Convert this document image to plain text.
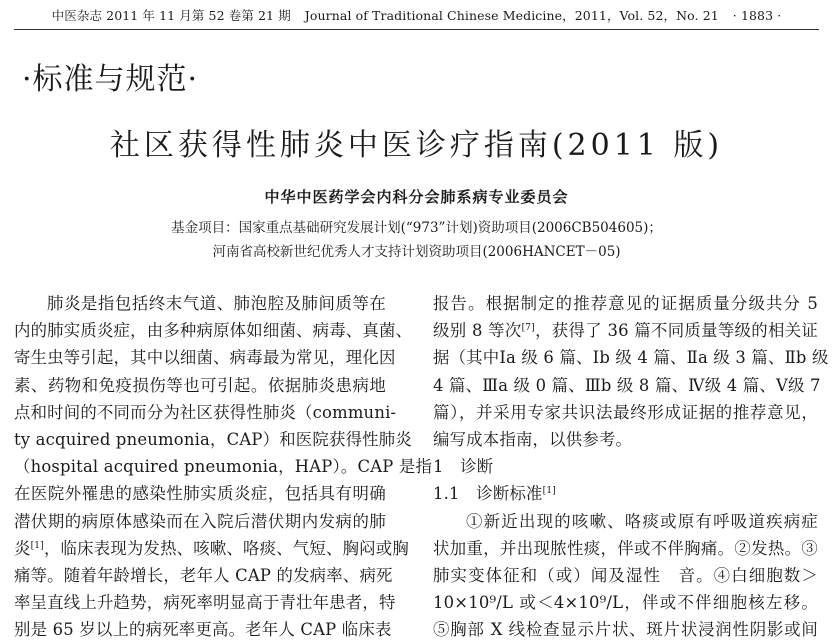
中医杂志 2011 年 11 月第 52 卷第 21 期 Journal of Traditional Chinese Medicine，2011，Vol. 52，No. 21 · 1883 ·
·标准与规范·
社区获得性肺炎中医诊疗指南(2011 版)
中华中医药学会内科分会肺系病专业委员会
基金项目：国家重点基础研究发展计划(“973”计划)资助项目(2006CB504605)；
河南省高校新世纪优秀人才支持计划资助项目(2006HANCET－05)
肺炎是指包括终末气道、肺泡腔及肺间质等在
内的肺实质炎症，由多种病原体如细菌、病毒、真菌、
寄生虫等引起，其中以细菌、病毒最为常见，理化因
素、药物和免疫损伤等也可引起。依据肺炎患病地
点和时间的不同而分为社区获得性肺炎（communi-
ty acquired pneumonia，CAP）和医院获得性肺炎
（hospital acquired pneumonia，HAP）。CAP 是指
在医院外罹患的感染性肺实质炎症，包括具有明确
潜伏期的病原体感染而在入院后潜伏期内发病的肺
炎[1]，临床表现为发热、咳嗽、咯痰、气短、胸闷或胸
痛等。随着年龄增长，老年人 CAP 的发病率、病死
率呈直线上升趋势，病死率明显高于青壮年患者，特
别是 65 岁以上的病死率更高。老年人 CAP 临床表
报告。根据制定的推荐意见的证据质量分级共分 5
级别 8 等次[7]，获得了 36 篇不同质量等级的相关证
据（其中Ⅰa 级 6 篇、Ⅰb 级 4 篇、Ⅱa 级 3 篇、Ⅱb 级
4 篇、Ⅲa 级 0 篇、Ⅲb 级 8 篇、Ⅳ级 4 篇、Ⅴ级 7
篇），并采用专家共识法最终形成证据的推荐意见，
编写成本指南，以供参考。
1　诊断
1.1　诊断标准[1]
①新近出现的咳嗽、咯痰或原有呼吸道疾病症
状加重，并出现脓性痰，伴或不伴胸痛。②发热。③
肺实变体征和（或）闻及湿性　音。④白细胞数＞
10×10⁹/L 或＜4×10⁹/L，伴或不伴细胞核左移。
⑤胸部 X 线检查显示片状、斑片状浸润性阴影或间
